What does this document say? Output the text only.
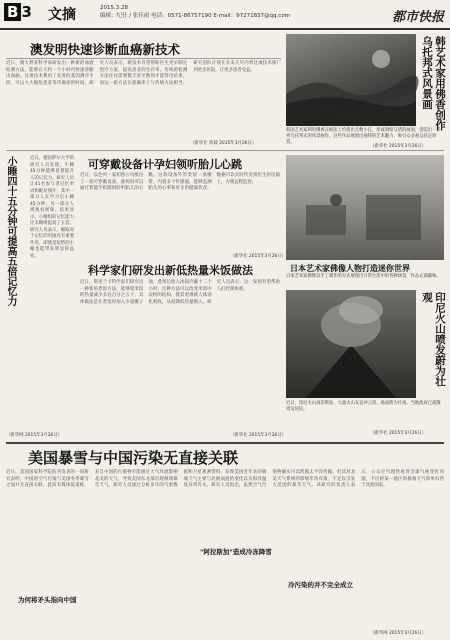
B 3 文摘	2015.3.28
编辑：纪仕 / 张佳雨 电话：0571-86757190 E-mail：97271837@qq.com	都市快报
澳发明快速诊断血癌新技术
近日，澳大利亚科学家研发出一种新的血液检测方法，能够在大约一个小时内快速诊断出血癌。这项技术利用了先进的基因测序手段，可以大大缩短患者等待确诊的时间。研究人员表示，新技术有望帮助医生更早制定治疗方案，提高患者的生存率。传统的检测方法往往需要数天甚至数周才能得出结果，而这一新方法在准确率上与传统方法相当。研究团队计划在未来几年内将这项技术推广到更多医院，让更多患者受益。
（新华社 转载 2015年3月26日）
韩艺术家用佛香创作乌托邦式风景画
韩国艺术家利用佛香在纸张上灼烧出无数小孔，形成明暗交错的画面，创造出一系列乌托邦式的风景画作。这些作品展现出独特的艺术魅力，吸引众多观众驻足欣赏。
（新华社 2015年3月26日）
小睡四十五分钟可提高五倍记忆力	近日，德国萨尔大学的研究人员发现，午睡45分钟能够显著提升人的记忆力。研究人员让41名参与者记忆单词和配对图片，其中一部分人在学习后小睡45分钟，另一部分人则观看视频。结果显示，小睡组的记忆能力比未睡组提高了五倍。研究人员表示，睡眠对于记忆的巩固具有重要作用，即使是短暂的小睡也能带来明显的益处。
（新华网 2015年3月26日）
可穿戴设备计孕妇领听胎儿心跳
近日，以色列一家初创公司推出了一款可穿戴设备，准妈妈可以通过智能手机随时聆听胎儿的心跳。这款设备外形类似一条腰带，内置多个传感器，能够监测胎儿的心率和母亲的健康状况。数据可以实时传送到医生的电脑上，方便远程监控。
（新华社 2015年3月26日）
科学家们研发出新低热量米饭做法
近日，斯里兰卡科学家们研究出一种新的煮饭方法，能够使米饭的热量减少多达百分之五十。具体做法是在煮饭时加入少量椰子油，煮熟后放入冰箱冷藏十二个小时。这种方法可以改变米饭中淀粉的结构，使其更难被人体消化吸收，从而降低热量摄入。研究人员表示，这一发现有望帮助人们控制体重。
（新华社 2015年3月26日）
日本艺术家佛像人物打造迷你世界
日本艺术家佛像以手工制作的方式展现出日常生活中的各种场景，作品充满趣味。
印尼火山喷发蔚为壮观
近日，印尼火山再次喷发，大量火山灰直冲云霄，场面蔚为壮观。当地政府已疏散周边居民。
（新华社 2015年3月26日）
美国暴雪与中国污染无直接关联
近日，美国国家科学院院刊发表的一项研究表明，中国的空气污染与美国冬季暴雪之间并无直接关联。此前有媒体报道称，来自中国的污染物可能通过大气环流影响北美的天气，导致美国东北部出现极端暴雪天气。研究人员通过分析多年的气象数据和卫星观测资料，发现美国近年来的极端天气主要与北极涡旋的变化以及海洋温度异常有关。研究人员指出，虽然空气污染物确实可以跨越太平洋传输，但其对北美天气系统的影响非常有限，不足以引发大范围的暴雪天气。该研究的负责人表示，公众应当理性看待全球气候变化问题，不应将某一地区的极端天气简单归咎于其他国家。
为何将矛头指向中国
"阿拉斯加"造成冷冻降雪
冷污染的并不完全成立
（新华网 2015年3月26日）
